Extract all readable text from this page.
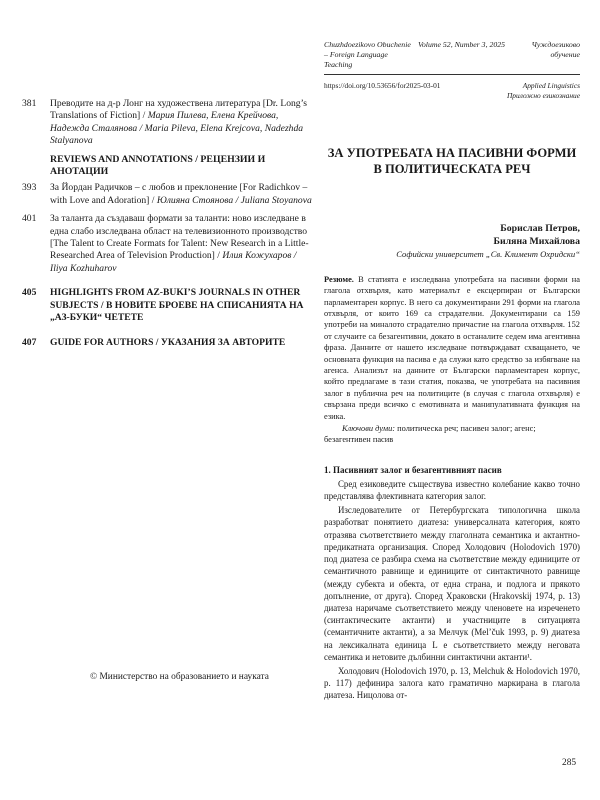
381	Преводите на д-р Лонг на художествена литература [Dr. Long’s Translations of Fiction] / Мария Пилева, Елена Крейчова, Надежда Сталянова / Maria Pileva, Elena Krejcova, Nadezhda Stalyanova
REVIEWS AND ANNOTATIONS / РЕЦЕНЗИИ И АНОТАЦИИ
393	За Йордан Радичков – с любов и преклонение [For Radichkov – with Love and Adoration] / Юлияна Стоянова / Juliana Stoyanova
401	За таланта да създаваш формати за таланти: ново изследване в една слабо изследвана област на телевизионното производство [The Talent to Create Formats for Talent: New Research in a Little-Researched Area of Television Production] / Илия Кожухаров / Iliya Kozhuharov
405	HIGHLIGHTS FROM AZ-BUKI’S JOURNALS IN OTHER SUBJECTS / В НОВИТЕ БРОЕВЕ НА СПИСАНИЯТА НА „АЗ-БУКИ“ ЧЕТЕТЕ
407	GUIDE FOR AUTHORS / УКАЗАНИЯ ЗА АВТОРИТЕ
© Министерство на образованието и науката
Chuzhdoezikovo Obuchenie – Foreign Language Teaching
Volume 52, Number 3, 2025	Чуждоезиково обучение
https://doi.org/10.53656/for2025-03-01	Applied Linguistics
Приложно езикознание
ЗА УПОТРЕБАТА НА ПАСИВНИ ФОРМИ
В ПОЛИТИЧЕСКАТА РЕЧ
Борислав Петров,
Биляна Михайлова
Софийски университет „Св. Климент Охридски“
Резюме. В статията е изследвана употребата на пасивни форми на глагола отхвърля, като материалът е ексцерпиран от Български парламентарен корпус. В него са документирани 291 форми на глагола отхвърля, от които 169 са страдателни. Документирани са 159 употреби на миналото страдателно причастие на глагола отхвърля. 152 от случаите са безагентивни, докато в останалите седем има агентивна фраза. Данните от нашето изследване потвърждават схващането, че основната функция на пасива е да служи като средство за избягване на агенса. Анализът на данните от Български парламентарен корпус, който предлагаме в тази статия, показва, че употребата на пасивния залог в публична реч на политиците (в случая с глагола отхвърля) е свързана преди всичко с емотивната и манипулативната функция на езика.
Ключови думи: политическа реч; пасивен залог; агенс; безагентивен пасив
1. Пасивният залог и безагентивният пасив
Сред езиковедите съществува известно колебание какво точно представлява флективната категория залог.
Изследователите от Петербургската типологична школа разработват понятието диатеза: универсалната категория, която отразява съответствието между глаголната семантика и актантно-предикатната организация. Според Холодович (Holodovich 1970) под диатеза се разбира схема на съответствие между единиците от семантичното равнище и единиците от синтактичното равнище (между субекта и обекта, от една страна, и подлога и прякото допълнение, от друга). Според Храковски (Hrakovskij 1974, p. 13) диатеза наричаме съответствието между членовете на изреченето (синтактическите актанти) и участниците в ситуацията (семантичните актанти), а за Мелчук (Mel’čuk 1993, p. 9) диатеза на лексикалната единица L е съответствието между неговата семантика и нетовите дълбинни синтактични актанти¹.
Холодович (Holodovich 1970, p. 13, Melchuk & Holodovich 1970, p. 117) дефинира залога като граматично маркирана в глагола диатеза. Ницолова от-
285
